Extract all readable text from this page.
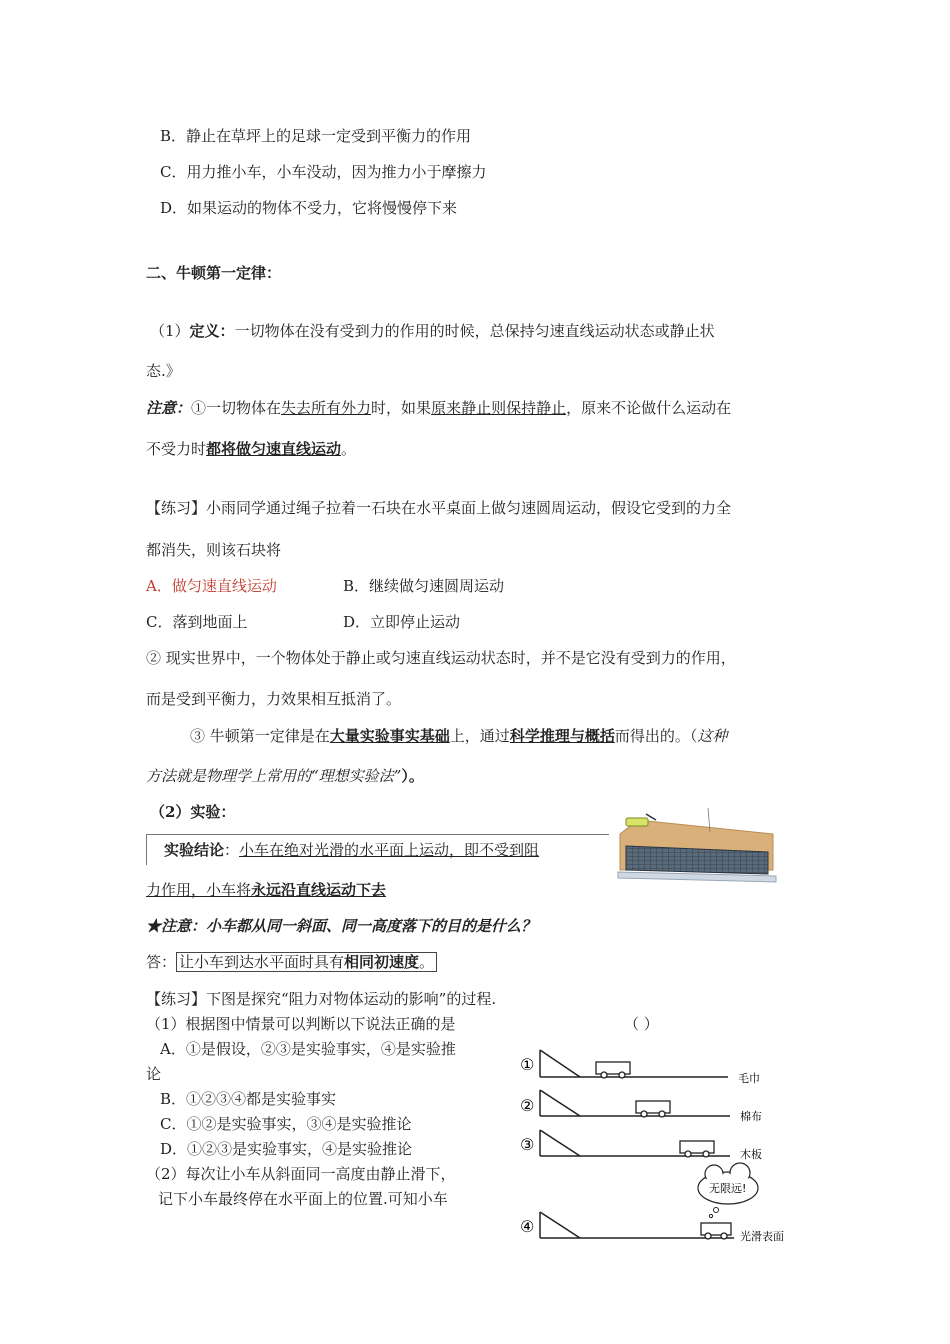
B．静止在草坪上的足球一定受到平衡力的作用
C．用力推小车，小车没动，因为推力小于摩擦力
D．如果运动的物体不受力，它将慢慢停下来
二、牛顿第一定律：
（1）定义：一切物体在没有受到力的作用的时候，总保持匀速直线运动状态或静止状
态.》
注意：①一切物体在失去所有外力时，如果原来静止则保持静止，原来不论做什么运动在
不受力时都将做匀速直线运动。
【练习】小雨同学通过绳子拉着一石块在水平桌面上做匀速圆周运动，假设它受到的力全
都消失，则该石块将
A．做匀速直线运动	B．继续做匀速圆周运动
C．落到地面上	D．立即停止运动
② 现实世界中，一个物体处于静止或匀速直线运动状态时，并不是它没有受到力的作用，
而是受到平衡力，力效果相互抵消了。
③ 牛顿第一定律是在大量实验事实基础上，通过科学推理与概括而得出的。（这种
方法就是物理学上常用的“理想实验法”）。
（2）实验：
实验结论：小车在绝对光滑的水平面上运动，即不受到阻
力作用，小车将永远沿直线运动下去
★注意：小车都从同一斜面、同一高度落下的目的是什么？
答： 让小车到达水平面时具有相同初速度。
【练习】下图是探究“阻力对物体运动的影响”的过程.
（1）根据图中情景可以判断以下说法正确的是	（ ）
A．①是假设，②③是实验事实，④是实验推
论
B．①②③④都是实验事实
C．①②是实验事实，③④是实验推论
D．①②③是实验事实，④是实验推论
（2）每次让小车从斜面同一高度由静止滑下，
记下小车最终停在水平面上的位置.可知小车
①
毛巾
②
棉布
③
木板
无限远!
④
光滑表面
